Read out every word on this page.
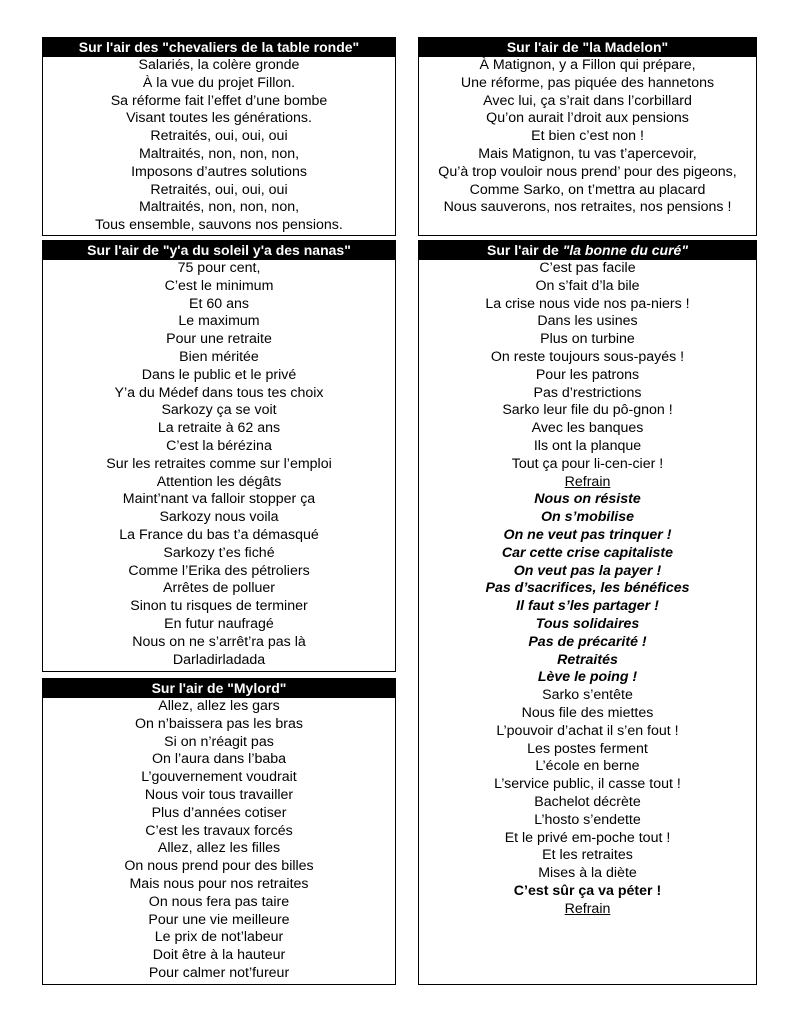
Sur l'air des "chevaliers de la table ronde"
Salariés, la colère gronde
À la vue du projet Fillon.
Sa réforme fait l’effet d’une bombe
Visant toutes les générations.
Retraités, oui, oui, oui
Maltraités, non, non, non,
Imposons d’autres solutions
Retraités, oui, oui, oui
Maltraités, non, non, non,
Tous ensemble, sauvons nos pensions.
Sur l'air de "la Madelon"
À Matignon, y a Fillon qui prépare,
Une réforme, pas piquée des hannetons
Avec lui, ça s’rait dans l’corbillard
Qu’on aurait l’droit aux pensions
Et bien c’est non !
Mais Matignon, tu vas t’apercevoir,
Qu’à trop vouloir nous prend’ pour des pigeons,
Comme Sarko, on t’mettra au placard
Nous sauverons, nos retraites, nos pensions !
Sur l'air de "y'a du soleil y'a des nanas"
75 pour cent,
C’est le minimum
Et 60 ans
Le maximum
Pour une retraite
Bien méritée
Dans le public et le privé
Y’a du Médef dans tous tes choix
Sarkozy ça se voit
La retraite à 62 ans
C’est la bérézina
Sur les retraites comme sur l’emploi
Attention les dégâts
Maint’nant va falloir stopper ça
Sarkozy nous voila
La France du bas t’a démasqué
Sarkozy t’es fiché
Comme l’Erika des pétroliers
Arrêtes de polluer
Sinon tu risques de terminer
En futur naufragé
Nous on ne s’arrêt’ra pas là
Darladirladada
Sur l'air de "Mylord"
Allez, allez les gars
On n’baissera pas les bras
Si on n’réagit pas
On l’aura dans l’baba
L’gouvernement voudrait
Nous voir tous travailler
Plus d’années cotiser
C’est les travaux forcés
Allez, allez les filles
On nous prend pour des billes
Mais nous pour nos retraites
On nous fera pas taire
Pour une vie meilleure
Le prix de not’labeur
Doit être à la hauteur
Pour calmer not’fureur
Sur l'air de "la bonne du curé"
C’est pas facile
On s’fait d’la bile
La crise nous vide nos pa-niers !
Dans les usines
Plus on turbine
On reste toujours sous-payés !
Pour les patrons
Pas d’restrictions
Sarko leur file du pô-gnon !
Avec les banques
Ils ont la planque
Tout ça pour li-cen-cier !
Refrain
Nous on résiste
On s’mobilise
On ne veut pas trinquer !
Car cette crise capitaliste
On veut pas la payer !
Pas d’sacrifices, les bénéfices
Il faut s’les partager !
Tous solidaires
Pas de précarité !
Retraités
Lève le poing !
Sarko s’entête
Nous file des miettes
L’pouvoir d’achat il s’en fout !
Les postes ferment
L’école en berne
L’service public, il casse tout !
Bachelot décrète
L’hosto s’endette
Et le privé em-poche tout !
Et les retraites
Mises à la diète
C’est sûr ça va péter !
Refrain
